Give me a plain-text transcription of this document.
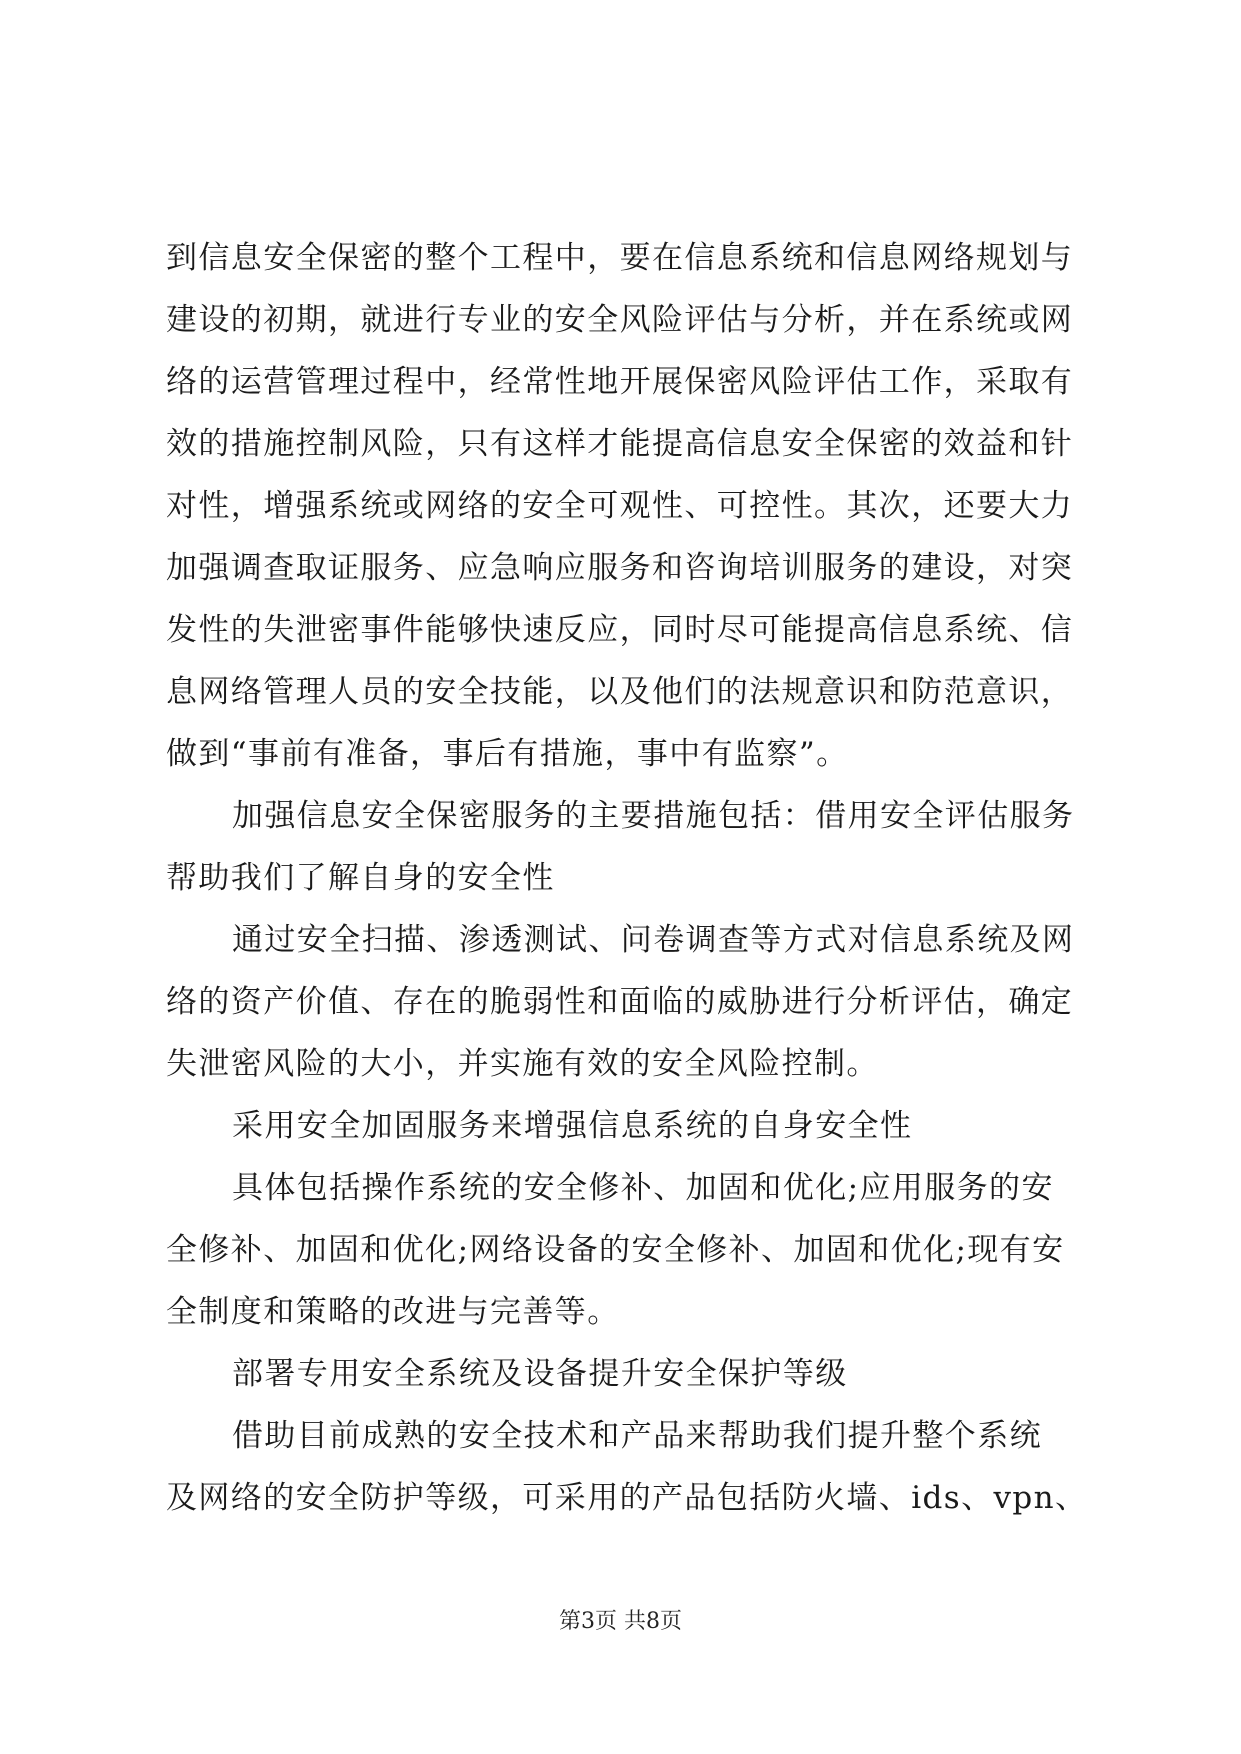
到信息安全保密的整个工程中，要在信息系统和信息网络规划与
建设的初期，就进行专业的安全风险评估与分析，并在系统或网
络的运营管理过程中，经常性地开展保密风险评估工作，采取有
效的措施控制风险，只有这样才能提高信息安全保密的效益和针
对性，增强系统或网络的安全可观性、可控性。其次，还要大力
加强调查取证服务、应急响应服务和咨询培训服务的建设，对突
发性的失泄密事件能够快速反应，同时尽可能提高信息系统、信
息网络管理人员的安全技能，以及他们的法规意识和防范意识，
做到“事前有准备，事后有措施，事中有监察”。
加强信息安全保密服务的主要措施包括：借用安全评估服务
帮助我们了解自身的安全性
通过安全扫描、渗透测试、问卷调查等方式对信息系统及网
络的资产价值、存在的脆弱性和面临的威胁进行分析评估，确定
失泄密风险的大小，并实施有效的安全风险控制。
采用安全加固服务来增强信息系统的自身安全性
具体包括操作系统的安全修补、加固和优化;应用服务的安
全修补、加固和优化;网络设备的安全修补、加固和优化;现有安
全制度和策略的改进与完善等。
部署专用安全系统及设备提升安全保护等级
借助目前成熟的安全技术和产品来帮助我们提升整个系统
及网络的安全防护等级，可采用的产品包括防火墙、ids、vpn、
第3页 共8页
